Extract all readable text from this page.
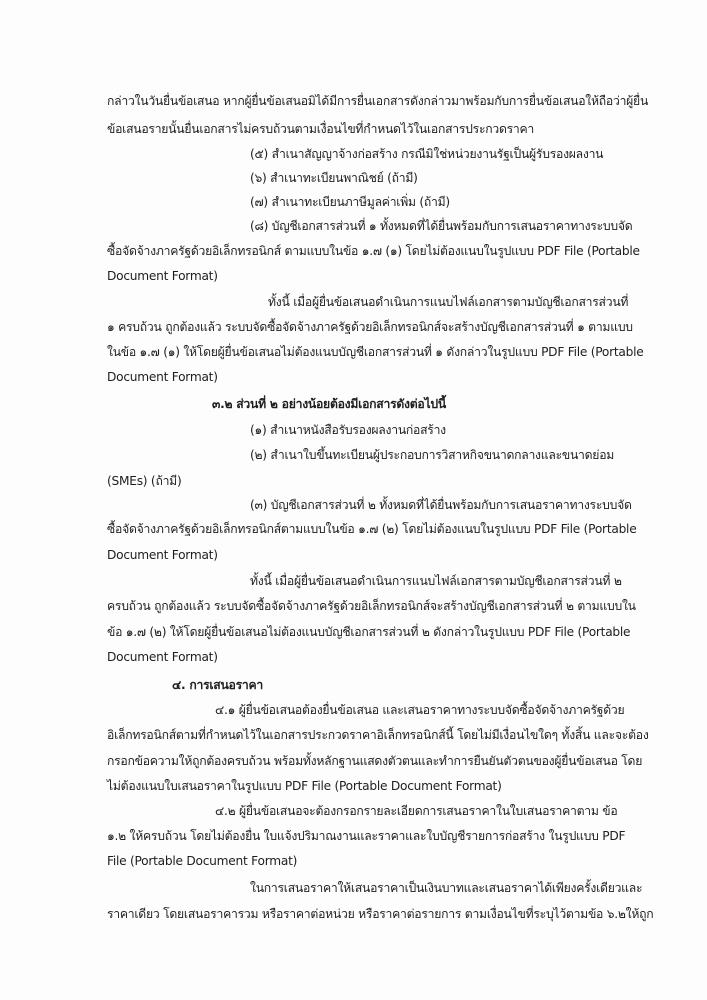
กล่าวในวันยื่นข้อเสนอ หากผู้ยื่นข้อเสนอมิได้มีการยื่นเอกสารดังกล่าวมาพร้อมกับการยื่นข้อเสนอให้ถือว่าผู้ยื่น
ข้อเสนอรายนั้นยื่นเอกสารไม่ครบถ้วนตามเงื่อนไขที่กำหนดไว้ในเอกสารประกวดราคา
(๕) สำเนาสัญญาจ้างก่อสร้าง กรณีมิใช่หน่วยงานรัฐเป็นผู้รับรองผลงาน
(๖) สำเนาทะเบียนพาณิชย์ (ถ้ามี)
(๗) สำเนาทะเบียนภาษีมูลค่าเพิ่ม (ถ้ามี)
(๘) บัญชีเอกสารส่วนที่ ๑ ทั้งหมดที่ได้ยื่นพร้อมกับการเสนอราคาทางระบบจัด
ซื้อจัดจ้างภาครัฐด้วยอิเล็กทรอนิกส์ ตามแบบในข้อ ๑.๗ (๑) โดยไม่ต้องแนบในรูปแบบ PDF File (Portable
Document Format)
ทั้งนี้ เมื่อผู้ยื่นข้อเสนอดำเนินการแนบไฟล์เอกสารตามบัญชีเอกสารส่วนที่
๑ ครบถ้วน ถูกต้องแล้ว ระบบจัดซื้อจัดจ้างภาครัฐด้วยอิเล็กทรอนิกส์จะสร้างบัญชีเอกสารส่วนที่ ๑ ตามแบบ
ในข้อ ๑.๗ (๑) ให้โดยผู้ยื่นข้อเสนอไม่ต้องแนบบัญชีเอกสารส่วนที่ ๑ ดังกล่าวในรูปแบบ PDF File (Portable
Document Format)
๓.๒ ส่วนที่ ๒ อย่างน้อยต้องมีเอกสารดังต่อไปนี้
(๑) สำเนาหนังสือรับรองผลงานก่อสร้าง
(๒) สำเนาใบขึ้นทะเบียนผู้ประกอบการวิสาหกิจขนาดกลางและขนาดย่อม
(SMEs) (ถ้ามี)
(๓) บัญชีเอกสารส่วนที่ ๒ ทั้งหมดที่ได้ยื่นพร้อมกับการเสนอราคาทางระบบจัด
ซื้อจัดจ้างภาครัฐด้วยอิเล็กทรอนิกส์ตามแบบในข้อ ๑.๗ (๒) โดยไม่ต้องแนบในรูปแบบ PDF File (Portable
Document Format)
ทั้งนี้ เมื่อผู้ยื่นข้อเสนอดำเนินการแนบไฟล์เอกสารตามบัญชีเอกสารส่วนที่ ๒
ครบถ้วน ถูกต้องแล้ว ระบบจัดซื้อจัดจ้างภาครัฐด้วยอิเล็กทรอนิกส์จะสร้างบัญชีเอกสารส่วนที่ ๒ ตามแบบใน
ข้อ ๑.๗ (๒) ให้โดยผู้ยื่นข้อเสนอไม่ต้องแนบบัญชีเอกสารส่วนที่ ๒ ดังกล่าวในรูปแบบ PDF File (Portable
Document Format)
๔. การเสนอราคา
๔.๑ ผู้ยื่นข้อเสนอต้องยื่นข้อเสนอ และเสนอราคาทางระบบจัดซื้อจัดจ้างภาครัฐด้วย
อิเล็กทรอนิกส์ตามที่กำหนดไว้ในเอกสารประกวดราคาอิเล็กทรอนิกส์นี้ โดยไม่มีเงื่อนไขใดๆ ทั้งสิ้น และจะต้อง
กรอกข้อความให้ถูกต้องครบถ้วน พร้อมทั้งหลักฐานแสดงตัวตนและทำการยืนยันตัวตนของผู้ยื่นข้อเสนอ โดย
ไม่ต้องแนบใบเสนอราคาในรูปแบบ PDF File (Portable Document Format)
๔.๒ ผู้ยื่นข้อเสนอจะต้องกรอกรายละเอียดการเสนอราคาในใบเสนอราคาตาม ข้อ
๑.๒ ให้ครบถ้วน โดยไม่ต้องยื่น ใบแจ้งปริมาณงานและราคาและใบบัญชีรายการก่อสร้าง ในรูปแบบ PDF
File (Portable Document Format)
ในการเสนอราคาให้เสนอราคาเป็นเงินบาทและเสนอราคาได้เพียงครั้งเดียวและ
ราคาเดียว โดยเสนอราคารวม หรือราคาต่อหน่วย หรือราคาต่อรายการ ตามเงื่อนไขที่ระบุไว้ตามข้อ ๖.๒ให้ถูก
